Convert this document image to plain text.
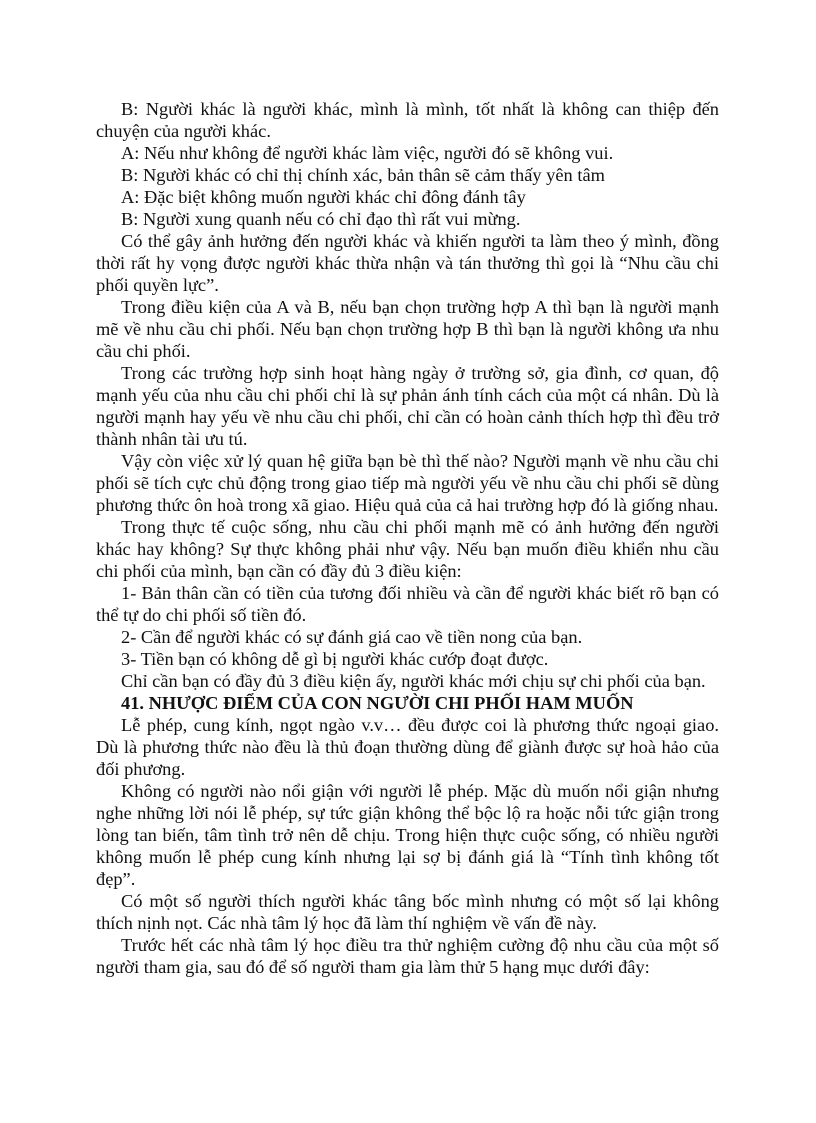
B: Người khác là người khác, mình là mình, tốt nhất là không can thiệp đến chuyện của người khác.

A: Nếu như không để người khác làm việc, người đó sẽ không vui.

B: Người khác có chỉ thị chính xác, bản thân sẽ cảm thấy yên tâm

A: Đặc biệt không muốn người khác chỉ đông đánh tây

B: Người xung quanh nếu có chỉ đạo thì rất vui mừng.

Có thể gây ảnh hưởng đến người khác và khiến người ta làm theo ý mình, đồng thời rất hy vọng được người khác thừa nhận và tán thưởng thì gọi là “Nhu cầu chi phối quyền lực”.

Trong điều kiện của A và B, nếu bạn chọn trường hợp A thì bạn là người mạnh mẽ về nhu cầu chi phối. Nếu bạn chọn trường hợp B thì bạn là người không ưa nhu cầu chi phối.

Trong các trường hợp sinh hoạt hàng ngày ở trường sở, gia đình, cơ quan, độ mạnh yếu của nhu cầu chi phối chỉ là sự phản ánh tính cách của một cá nhân. Dù là người mạnh hay yếu về nhu cầu chi phối, chỉ cần có hoàn cảnh thích hợp thì đều trở thành nhân tài ưu tú.

Vậy còn việc xử lý quan hệ giữa bạn bè thì thế nào? Người mạnh về nhu cầu chi phối sẽ tích cực chủ động trong giao tiếp mà người yếu về nhu cầu chi phối sẽ dùng phương thức ôn hoà trong xã giao. Hiệu quả của cả hai trường hợp đó là giống nhau.

Trong thực tế cuộc sống, nhu cầu chi phối mạnh mẽ có ảnh hưởng đến người khác hay không? Sự thực không phải như vậy. Nếu bạn muốn điều khiển nhu cầu chi phối của mình, bạn cần có đầy đủ 3 điều kiện:

1- Bản thân cần có tiền của tương đối nhiều và cần để người khác biết rõ bạn có thể tự do chi phối số tiền đó.

2- Cần để người khác có sự đánh giá cao về tiền nong của bạn.

3- Tiền bạn có không dễ gì bị người khác cướp đoạt được.

Chỉ cần bạn có đầy đủ 3 điều kiện ấy, người khác mới chịu sự chi phối của bạn.

41. NHƯỢC ĐIỂM CỦA CON NGƯỜI CHI PHỐI HAM MUỐN

Lễ phép, cung kính, ngọt ngào v.v… đều được coi là phương thức ngoại giao. Dù là phương thức nào đều là thủ đoạn thường dùng để giành được sự hoà hảo của đối phương.

Không có người nào nổi giận với người lễ phép. Mặc dù muốn nổi giận nhưng nghe những lời nói lễ phép, sự tức giận không thể bộc lộ ra hoặc nỗi tức giận trong lòng tan biến, tâm tình trở nên dễ chịu. Trong hiện thực cuộc sống, có nhiều người không muốn lễ phép cung kính nhưng lại sợ bị đánh giá là “Tính tình không tốt đẹp”.

Có một số người thích người khác tâng bốc mình nhưng có một số lại không thích nịnh nọt. Các nhà tâm lý học đã làm thí nghiệm về vấn đề này.

Trước hết các nhà tâm lý học điều tra thử nghiệm cường độ nhu cầu của một số người tham gia, sau đó để số người tham gia làm thử 5 hạng mục dưới đây:
